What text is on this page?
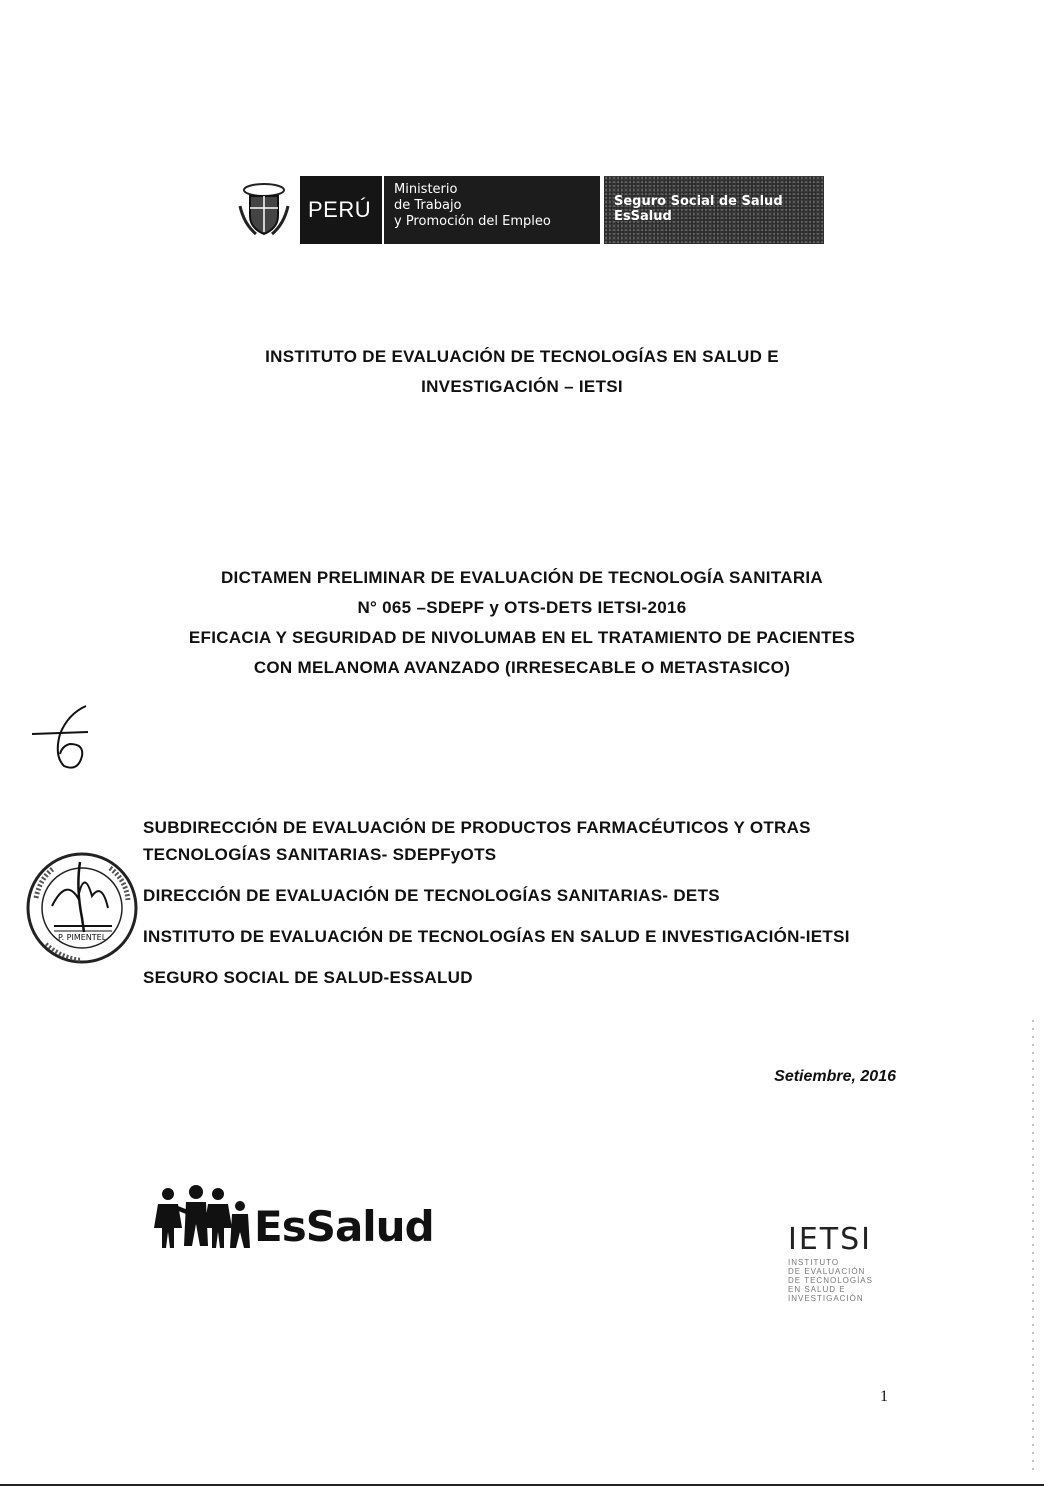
PERÚ
Ministerio
de Trabajo
y Promoción del Empleo
Seguro Social de Salud
EsSalud
INSTITUTO DE EVALUACIÓN DE TECNOLOGÍAS EN SALUD E
INVESTIGACIÓN – IETSI
DICTAMEN PRELIMINAR DE EVALUACIÓN DE TECNOLOGÍA SANITARIA
N° 065 –SDEPF y OTS-DETS IETSI-2016
EFICACIA Y SEGURIDAD DE NIVOLUMAB EN EL TRATAMIENTO DE PACIENTES
CON MELANOMA AVANZADO (IRRESECABLE O METASTASICO)
P. PIMENTEL

SUBDIRECCIÓN DE EVALUACIÓN DE PRODUCTOS FARMACÉUTICOS Y OTRAS TECNOLOGÍAS SANITARIAS- SDEPFyOTS

DIRECCIÓN DE EVALUACIÓN DE TECNOLOGÍAS SANITARIAS- DETS

INSTITUTO DE EVALUACIÓN DE TECNOLOGÍAS EN SALUD E INVESTIGACIÓN-IETSI

SEGURO SOCIAL DE SALUD-ESSALUD

Setiembre, 2016
EsSalud	IETSI
INSTITUTO
DE EVALUACIÓN
DE TECNOLOGÍAS
EN SALUD E
INVESTIGACIÓN
1
